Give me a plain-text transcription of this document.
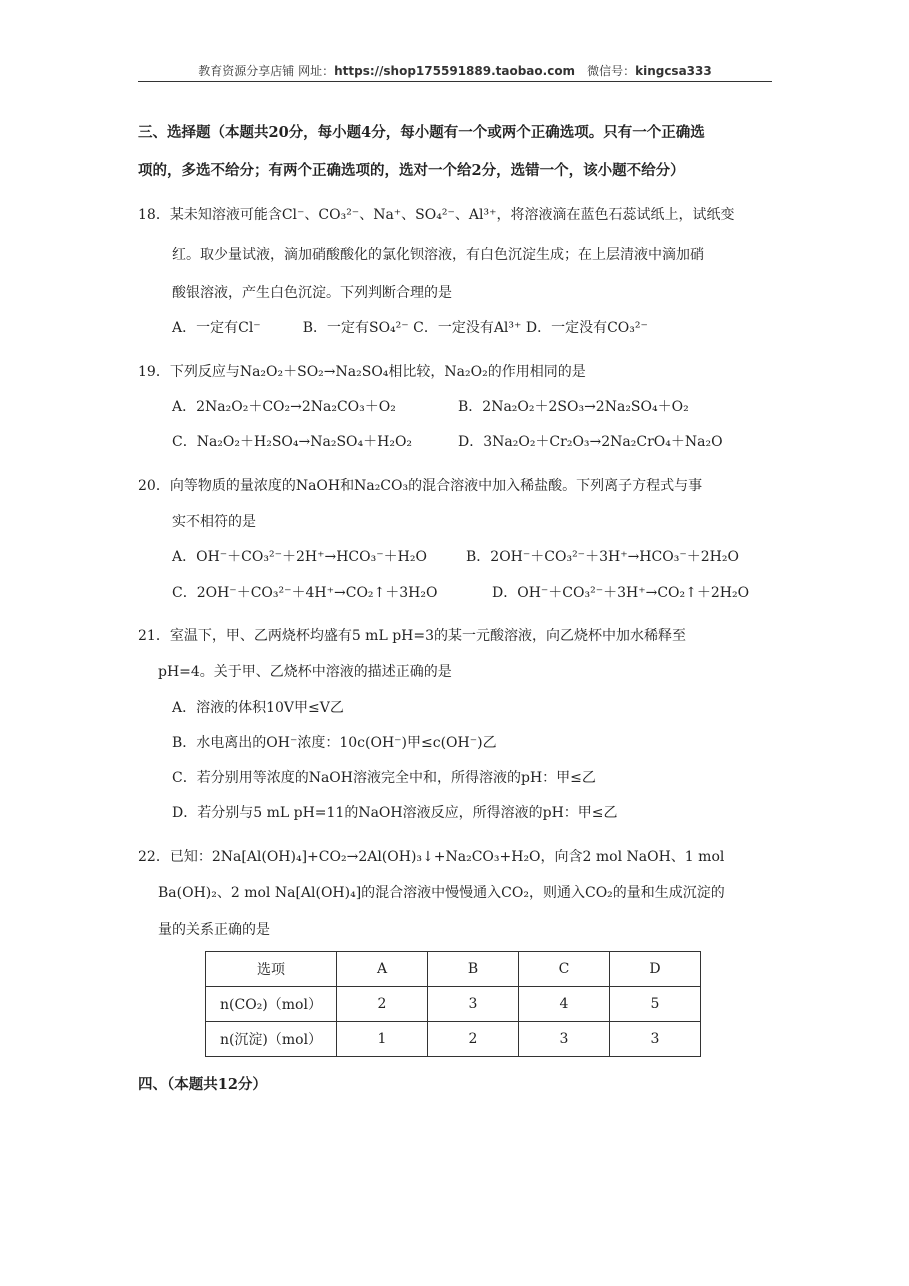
教育资源分享店铺 网址：https://shop175591889.taobao.com　 微信号：kingcsa333
三、选择题（本题共20分，每小题4分，每小题有一个或两个正确选项。只有一个正确选
项的，多选不给分；有两个正确选项的，选对一个给2分，选错一个，该小题不给分）
18．某未知溶液可能含Cl⁻、CO₃²⁻、Na⁺、SO₄²⁻、Al³⁺，将溶液滴在蓝色石蕊试纸上，试纸变
红。取少量试液，滴加硝酸酸化的氯化钡溶液，有白色沉淀生成；在上层清液中滴加硝
酸银溶液，产生白色沉淀。下列判断合理的是
A．一定有Cl⁻　　　B．一定有SO₄²⁻ C．一定没有Al³⁺ D．一定没有CO₃²⁻
19．下列反应与Na₂O₂＋SO₂→Na₂SO₄相比较，Na₂O₂的作用相同的是
A．2Na₂O₂＋CO₂→2Na₂CO₃＋O₂	B．2Na₂O₂＋2SO₃→2Na₂SO₄＋O₂
C．Na₂O₂＋H₂SO₄→Na₂SO₄＋H₂O₂	D．3Na₂O₂＋Cr₂O₃→2Na₂CrO₄＋Na₂O
20．向等物质的量浓度的NaOH和Na₂CO₃的混合溶液中加入稀盐酸。下列离子方程式与事
实不相符的是
A．OH⁻＋CO₃²⁻＋2H⁺→HCO₃⁻＋H₂O	B．2OH⁻＋CO₃²⁻＋3H⁺→HCO₃⁻＋2H₂O
C．2OH⁻＋CO₃²⁻＋4H⁺→CO₂↑＋3H₂O	D．OH⁻＋CO₃²⁻＋3H⁺→CO₂↑＋2H₂O
21．室温下，甲、乙两烧杯均盛有5 mL pH=3的某一元酸溶液，向乙烧杯中加水稀释至
pH=4。关于甲、乙烧杯中溶液的描述正确的是
A．溶液的体积10V甲≤V乙
B．水电离出的OH⁻浓度：10c(OH⁻)甲≤c(OH⁻)乙
C．若分别用等浓度的NaOH溶液完全中和，所得溶液的pH：甲≤乙
D．若分别与5 mL pH=11的NaOH溶液反应，所得溶液的pH：甲≤乙
22．已知：2Na[Al(OH)₄]+CO₂→2Al(OH)₃↓+Na₂CO₃+H₂O，向含2 mol NaOH、1 mol
Ba(OH)₂、2 mol Na[Al(OH)₄]的混合溶液中慢慢通入CO₂，则通入CO₂的量和生成沉淀的
量的关系正确的是
选项	A	B	C	D
n(CO₂)（mol）	2	3	4	5
n(沉淀)（mol）	1	2	3	3
四、（本题共12分）
